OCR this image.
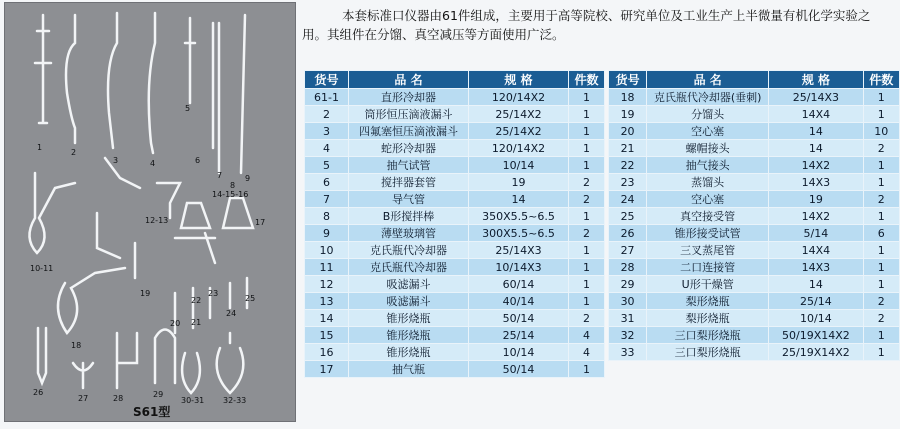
1
2
3	4
5
6
7
8
9
10-11
12-13
14-15-16
17
18
19
20 21
22
23
24
25
26
27	28	29
30-31 32-33
S61型
本套标准口仪器由61件组成，主要用于高等院校、研究单位及工业生产上半微量有机化学实验之用。其组件在分馏、真空减压等方面使用广泛。
货号	品 名	规 格	件数
61-1	直形冷却器	120/14X2	1
2	筒形恒压滴液漏斗	25/14X2	1
3	四氟塞恒压滴液漏斗	25/14X2	1
4	蛇形冷却器	120/14X2	1
5	抽气试管	10/14	1
6	搅拌器套管	19	2
7	导气管	14	2
8	B形搅拌棒	350X5.5~6.5	1
9	薄壁玻璃管	300X5.5~6.5	2
10	克氏瓶代冷却器	25/14X3	1
11	克氏瓶代冷却器	10/14X3	1
12	吸滤漏斗	60/14	1
13	吸滤漏斗	40/14	1
14	锥形烧瓶	50/14	2
15	锥形烧瓶	25/14	4
16	锥形烧瓶	10/14	4
17	抽气瓶	50/14	1
货号	品 名	规 格	件数
18	克氏瓶代冷却器(垂刺)	25/14X3	1
19	分馏头	14X4	1
20	空心塞	14	10
21	螺帽接头	14	2
22	抽气接头	14X2	1
23	蒸馏头	14X3	1
24	空心塞	19	2
25	真空接受管	14X2	1
26	锥形接受试管	5/14	6
27	三叉蒸尾管	14X4	1
28	二口连接管	14X3	1
29	U形干燥管	14	1
30	梨形烧瓶	25/14	2
31	梨形烧瓶	10/14	2
32	三口梨形烧瓶	50/19X14X2	1
33	三口梨形烧瓶	25/19X14X2	1
